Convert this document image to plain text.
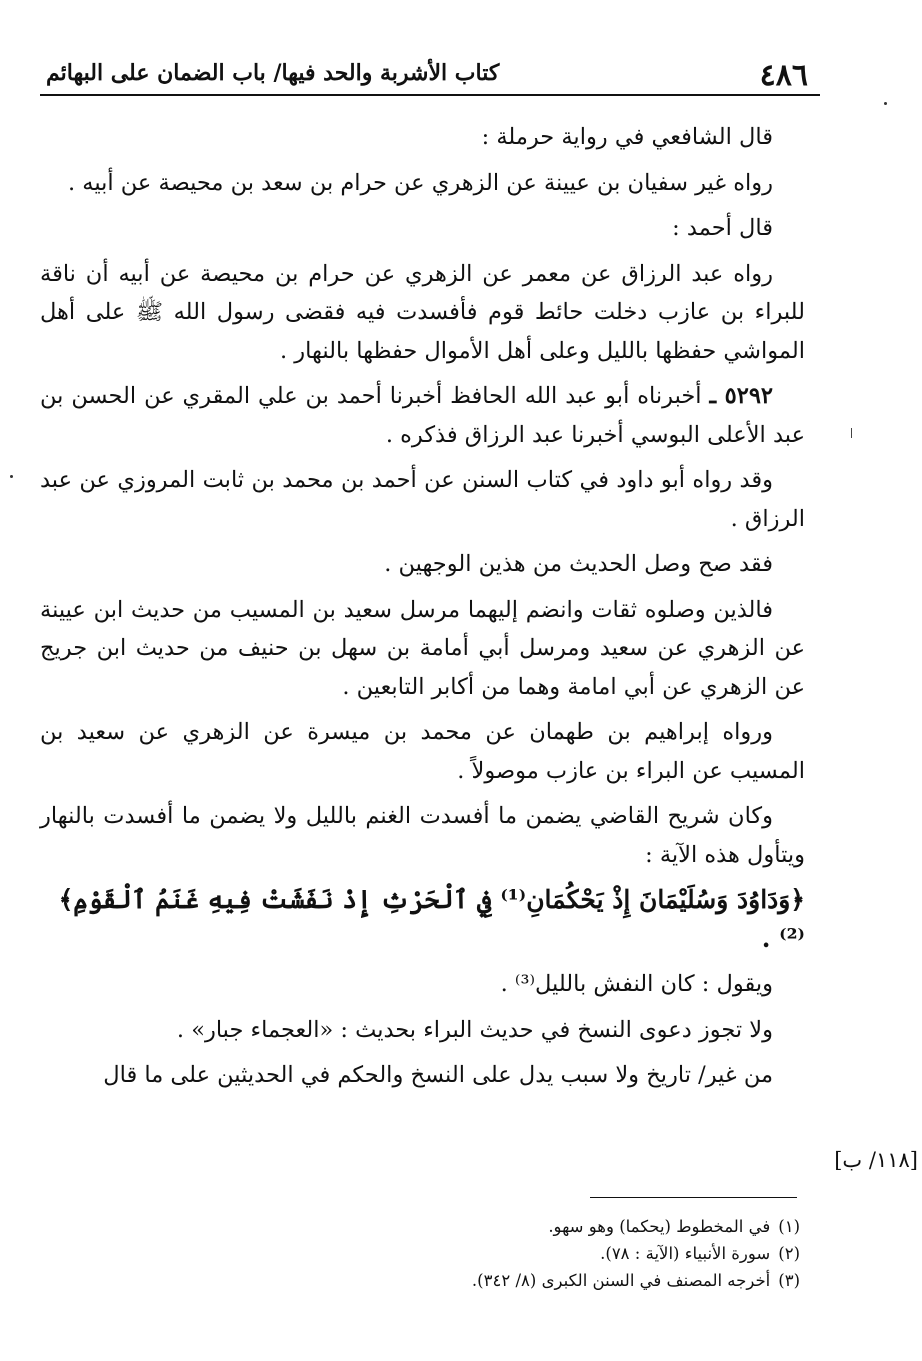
٤٨٦
كتاب الأشربة والحد فيها/ باب الضمان على البهائم

قال الشافعي في رواية حرملة :

رواه غير سفيان بن عيينة عن الزهري عن حرام بن سعد بن محيصة عن أبيه .

قال أحمد :

رواه عبد الرزاق عن معمر عن الزهري عن حرام بن محيصة عن أبيه أن ناقة للبراء بن عازب دخلت حائط قوم فأفسدت فيه فقضى رسول الله ﷺ على أهل المواشي حفظها بالليل وعلى أهل الأموال حفظها بالنهار .

٥٢٩٢ ـ أخبرناه أبو عبد الله الحافظ أخبرنا أحمد بن علي المقري عن الحسن بن عبد الأعلى البوسي أخبرنا عبد الرزاق فذكره .

وقد رواه أبو داود في كتاب السنن عن أحمد بن محمد بن ثابت المروزي عن عبد الرزاق .

فقد صح وصل الحديث من هذين الوجهين .

فالذين وصلوه ثقات وانضم إليهما مرسل سعيد بن المسيب من حديث ابن عيينة عن الزهري عن سعيد ومرسل أبي أمامة بن سهل بن حنيف من حديث ابن جريج عن الزهري عن أبي امامة وهما من أكابر التابعين .

ورواه إبراهيم بن طهمان عن محمد بن ميسرة عن الزهري عن سعيد بن المسيب عن البراء بن عازب موصولاً .

وكان شريح القاضي يضمن ما أفسدت الغنم بالليل ولا يضمن ما أفسدت بالنهار ويتأول هذه الآية :

﴿وَدَاوُدَ وَسُلَيْمَانَ إِذْ يَحْكُمَانِ⁽¹⁾ فِي ٱلْحَرْثِ إِذْ نَفَشَتْ فِيهِ غَنَمُ ٱلْقَوْمِ﴾⁽²⁾ .

ويقول : كان النفش بالليل⁽³⁾ .

ولا تجوز دعوى النسخ في حديث البراء بحديث : «العجماء جبار» .

من غير/ تاريخ ولا سبب يدل على النسخ والحكم في الحديثين على ما قال

[١١٨/ ب]

(١)في المخطوط (يحكما) وهو سهو.

(٢)سورة الأنبياء (الآية : ٧٨).

(٣)أخرجه المصنف في السنن الكبرى (٨/ ٣٤٢).
